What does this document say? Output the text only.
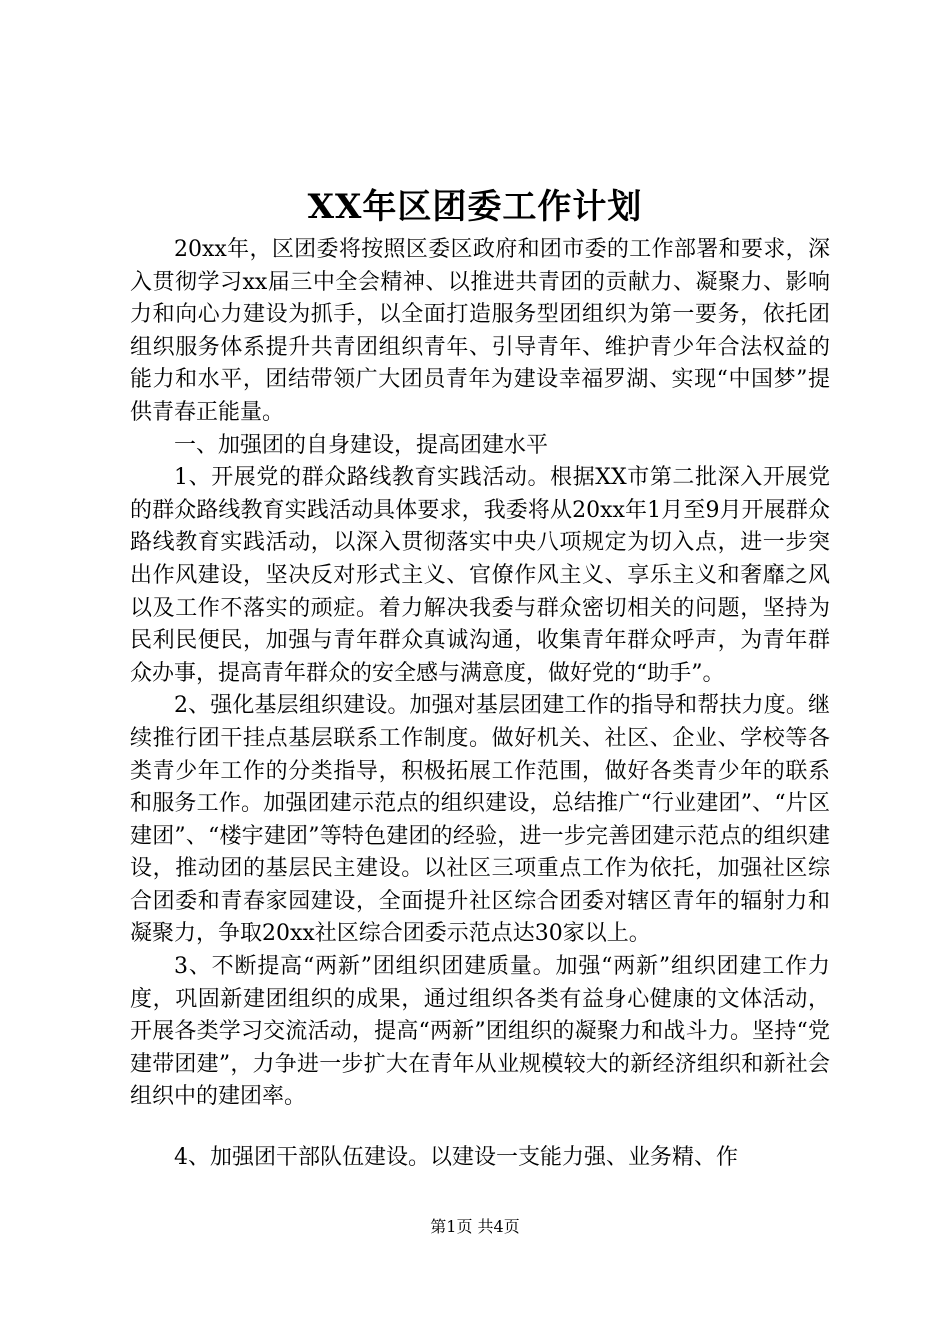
XX年区团委工作计划

20xx年，区团委将按照区委区政府和团市委的工作部署和要求，深入贯彻学习xx届三中全会精神、以推进共青团的贡献力、凝聚力、影响力和向心力建设为抓手，以全面打造服务型团组织为第一要务，依托团组织服务体系提升共青团组织青年、引导青年、维护青少年合法权益的能力和水平，团结带领广大团员青年为建设幸福罗湖、实现“中国梦”提供青春正能量。

一、加强团的自身建设，提高团建水平

1、开展党的群众路线教育实践活动。根据XX市第二批深入开展党的群众路线教育实践活动具体要求，我委将从20xx年1月至9月开展群众路线教育实践活动，以深入贯彻落实中央八项规定为切入点，进一步突出作风建设，坚决反对形式主义、官僚作风主义、享乐主义和奢靡之风以及工作不落实的顽症。着力解决我委与群众密切相关的问题，坚持为民利民便民，加强与青年群众真诚沟通，收集青年群众呼声，为青年群众办事，提高青年群众的安全感与满意度，做好党的“助手”。

2、强化基层组织建设。加强对基层团建工作的指导和帮扶力度。继续推行团干挂点基层联系工作制度。做好机关、社区、企业、学校等各类青少年工作的分类指导，积极拓展工作范围，做好各类青少年的联系和服务工作。加强团建示范点的组织建设，总结推广“行业建团”、“片区建团”、“楼宇建团”等特色建团的经验，进一步完善团建示范点的组织建设，推动团的基层民主建设。以社区三项重点工作为依托，加强社区综合团委和青春家园建设，全面提升社区综合团委对辖区青年的辐射力和凝聚力，争取20xx社区综合团委示范点达30家以上。

3、不断提高“两新”团组织团建质量。加强“两新”组织团建工作力度，巩固新建团组织的成果，通过组织各类有益身心健康的文体活动，开展各类学习交流活动，提高“两新”团组织的凝聚力和战斗力。坚持“党建带团建”，力争进一步扩大在青年从业规模较大的新经济组织和新社会组织中的建团率。

4、加强团干部队伍建设。以建设一支能力强、业务精、作

第1页 共4页
